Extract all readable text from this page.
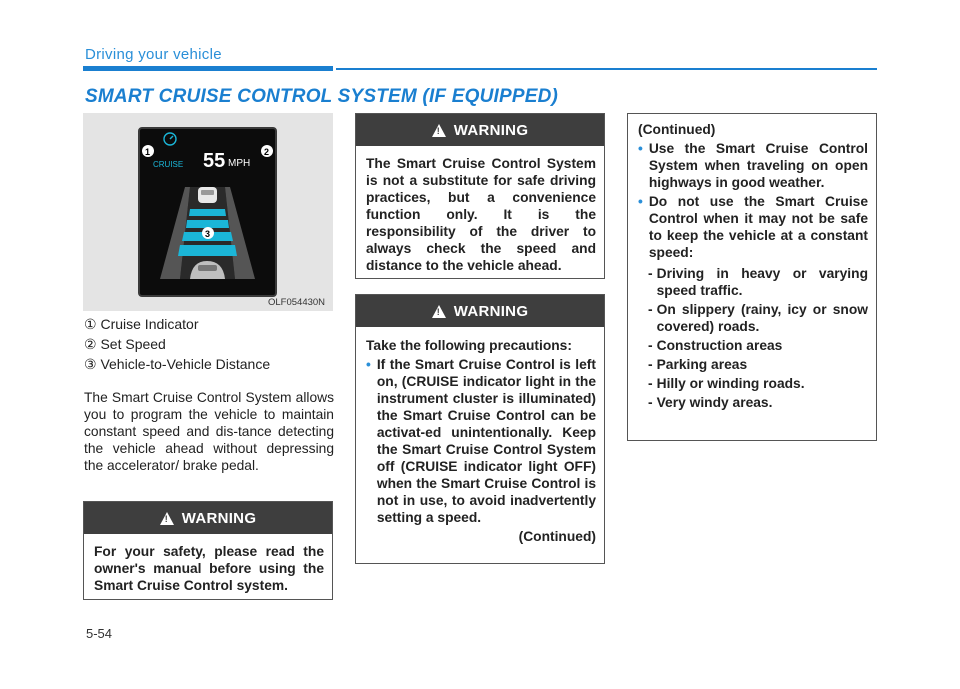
Driving your vehicle
SMART CRUISE CONTROL SYSTEM (IF EQUIPPED)
CRUISE
1	55 MPH
2
3
OLF054430N
① Cruise Indicator
② Set Speed
③ Vehicle-to-Vehicle Distance
The Smart Cruise Control System allows you to program the vehicle to maintain constant speed and dis-tance detecting the vehicle ahead without depressing the accelerator/ brake pedal.
!
WARNING
For your safety, please read the owner's manual before using the Smart Cruise Control system.
!
WARNING
The Smart Cruise Control System is not a substitute for safe driving practices, but a convenience function only. It is the responsibility of the driver to always check the speed and distance to the vehicle ahead.
!
WARNING
Take the following precautions:
• If the Smart Cruise Control is left on, (CRUISE indicator light in the instrument cluster is illuminated) the Smart Cruise Control can be activat-ed unintentionally. Keep the Smart Cruise Control System off (CRUISE indicator light OFF) when the Smart Cruise Control is not in use, to avoid inadvertently setting a speed.
(Continued)
(Continued)
• Use the Smart Cruise Control System when traveling on open highways in good weather.
• Do not use the Smart Cruise Control when it may not be safe to keep the vehicle at a constant speed:
- Driving in heavy or varying speed traffic.
- On slippery (rainy, icy or snow covered) roads.
- Construction areas
- Parking areas
- Hilly or winding roads.
- Very windy areas.
5-54
